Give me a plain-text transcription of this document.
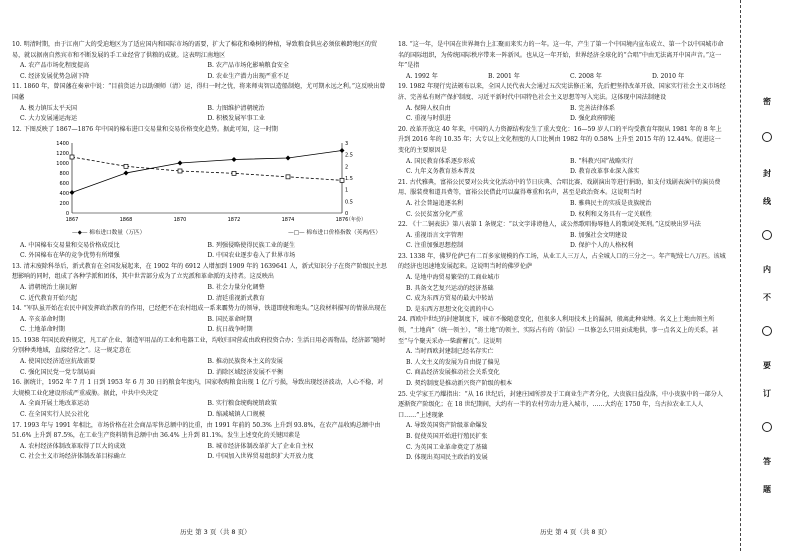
10. 明清时期，由于江南广大的受迫地区为了适应国内和国际市场的需要，扩大了棉花和桑树的种植，导致粮食供应必须依赖跨地区的贸易，就以据南自然宾市和不断发展的手工业经营了供粮的成就。这表明江南地区
A. 农产品市场化程度提高	B. 农产品市场化影响粮食安全
C. 经济发展优势急剧下降	D. 农业生产潜力出现严重不足
11. 1860 年，曾国藩在奏章中说：“目前货运力以助颁师（清）运，得归一时之忧，将来师夷智以造船制炮，尤可期永远之利。”这反映出曾国藩
A. 极力镇压太平天国	B. 力图维护清朝统治
C. 大力发展通运海运	D. 积极发展军事工业
12. 下图反映了 1867—1876 年中国的棉布进口交易量和交易价格变化趋势。据此可知，这一时期
0
200
400
600
800
1000
1200
1400
0
0.5
1
1.5
2
2.5
3
1867	1868	1870	1872	1874	1876
（年份）
—◆— 棉布进口数量（万匹）	—□— 棉布进口价格指数（英两/匹）
A. 中国棉布交易量和交易价格成反比	B. 列强侵略使得民族工业的诞生
C. 外国棉布在华的竞争优势有所增强	D. 中国农业逐步卷入了世界市场
13. 清末废除科举后，新式教育在全国发展起来，在 1902 年的 6912 人增加到 1909 年的 1639641 人，新式知识分子在资产阶级民主思想影响的同时，组成了各种学派和团体，其中世苦部分成为了立宪派和革命派的支持者。这反映出
A. 清朝统治土崩瓦解	B. 社会力量分化调整
C. 近代教育开始兴起	D. 清廷重视新式教育
14. “军队虽开始在农民中间发挥政治教育的作用，已经把不在农村组成一系来霸势力的领导，铁道即使和地头。”这段材料描写的情景出现在
A. 辛亥革命时期	B. 国民革命时期
C. 土地革命时期	D. 抗日战争时期
15. 1938 年国民政府规定，凡工矿企业、制造军用品的工业和电器工业，均收归国营或由政府投资合办；生活日用必需物品，经济部“随时分别种类地域，直接经营之”。这一规定意在
A. 使国民经济适应抗战需要	B. 推动民族资本主义的发展
C. 强化国民党一党专制局面	D. 消除区域经济发展不平衡
16. 据统计，1952 年 7 月 1 日到 1953 年 6 月 30 日的粮食年度内，国家收购粮食出现 1 亿斤亏损，导致出现经济波动，人心不稳，对大规模工业化建设形成严重威胁。据此，中共中央决定
A. 全面开展土地改革运动	B. 实行粮食统购统销政策
C. 在全国实行人民公社化	D. 缩减城镇人口规模
17. 1993 年与 1991 年相比，市场价格在社会商品零售总额中的比重，由 1991 年前的 50.3% 上升到 93.8%，在农产品收购总额中由 51.6% 上升到 87.5%，在工业生产资料销售总额中由 36.4% 上升到 81.1%。发生上述变化的关键因素是
A. 农村经济体制改革取得了巨大的成效	B. 城市经济体制改革扩大了企业自主权
C. 社会主义市场经济体制改革目标确立	D. 中国加入世界贸易组织扩大开放力度
18. “这一年，是中国在世界舞台上汇聚而来实力的一年。这一年，产生了第一个中国境内宣布成立、第一个以中国城市命名的国际组织，为传统国际秩序带来一阵新风。也从这一年开始，世界经济全球化的“合唱”中由无法离开中国声音。”这一年”是指
A. 1992 年	B. 2001 年	C. 2008 年	D. 2010 年
19. 1982 年现行宪法颁布以来，全国人民代表大会通过五次宪法修正案，先后把坚持改革开放、国家实行社会主义市场经济、完善私有财产保护制度、习近平新时代中国特色社会主义思想等写入宪法。这体现中国法制建设
A. 保障人权自由	B. 完善法律体系
C. 重视与时俱进	D. 强化政府职能
20. 改革开放这 40 年来，中国的人力资源结构发生了重大变化：16—59 岁人口的平均受教育年限从 1981 年的 8 年上升到 2016 年的 10.35 年；大专以上文化程度的人口比例由 1982 年的 0.58% 上升至 2015 年的 12.44%。促进这一变化的主要原因是
A. 国民教育体系逐步形成	B. “科教兴国”战略实行
C. 九年义务教育基本普及	D. 教育改革事业深入落实
21. 古代雅典，富裕公民要对公共文化活动中的节日庆典、合唱比赛、戏剧演出等进行捐助，如支付戏剧表演中的演员费用、服装费和道具费等，富裕公民借此可以赢得尊重和名声，甚至是政治资本。这说明当时
A. 社会普遍追逐名利	B. 雅典民主的实质是贵族统治
C. 公民贫富分化严重	D. 权利和义务具有一定关联性
22. 《十二铜表法》第八表第 1 条规定：“以文字诽谤他人，或公然歌唱侮辱他人的歌词处死刑。”这反映出罗马法
A. 重视语言文字管理	B. 加强社会文明建设
C. 注重加强思想控制	D. 保护个人的人格权利
23. 1338 年，佛罗伦萨已有二百多家规模的作工场，从业工人三万人，占全城人口的三分之一。年产呢绒七八万匹。该城的经济也迅速地发展起来。这说明当时的佛罗伦萨
A. 是地中海贸易繁荣的工商业城市
B. 具备文艺复兴运动的经济基础
C. 成为东西方贸易的最大中转站
D. 是东西方思想文化交流的中心
24. 西欧中世纪的封建制度下，城市不像随意变化，但很多人利用技术上的漏洞，般离此种束缚。名义上土地由领主所领，“土地尚”（统一领主），“将土地”的领主、实际占有的（阶层）一旦修怎么只用贡成地供，事一点名义上的关系，甚至“与个聚天采办一柴薪蓄瓦”。这说明
A. 当时西欧封建制已经名存实亡
B. 人文主义的发展为自由提了偏见
C. 商品经济发展推动社会关系变化
D. 契约制度是推动新兴资产阶级的根本
25. 史学家王乃耀指出：“从 16 世纪后，封建庄园所涉及于工商业生产者分化，大贵族日益没落，中小贵族中的一部分人逐渐资产阶级化；在 18 世纪期间，大约有一半的农村劳动力进入城市，……大约在 1750 年，乌古拉农业工人人口……”上述现象
A. 导致英国资产阶级革命爆发
B. 促使英国开始进行殖民扩张
C. 为英国工业革命奠定了基础
D. 体现出英国民主政治的发展
历史 第 3 页（共 8 页）	历史 第 4 页（共 8 页）
密
封
线
内
不
要
订
答
题
